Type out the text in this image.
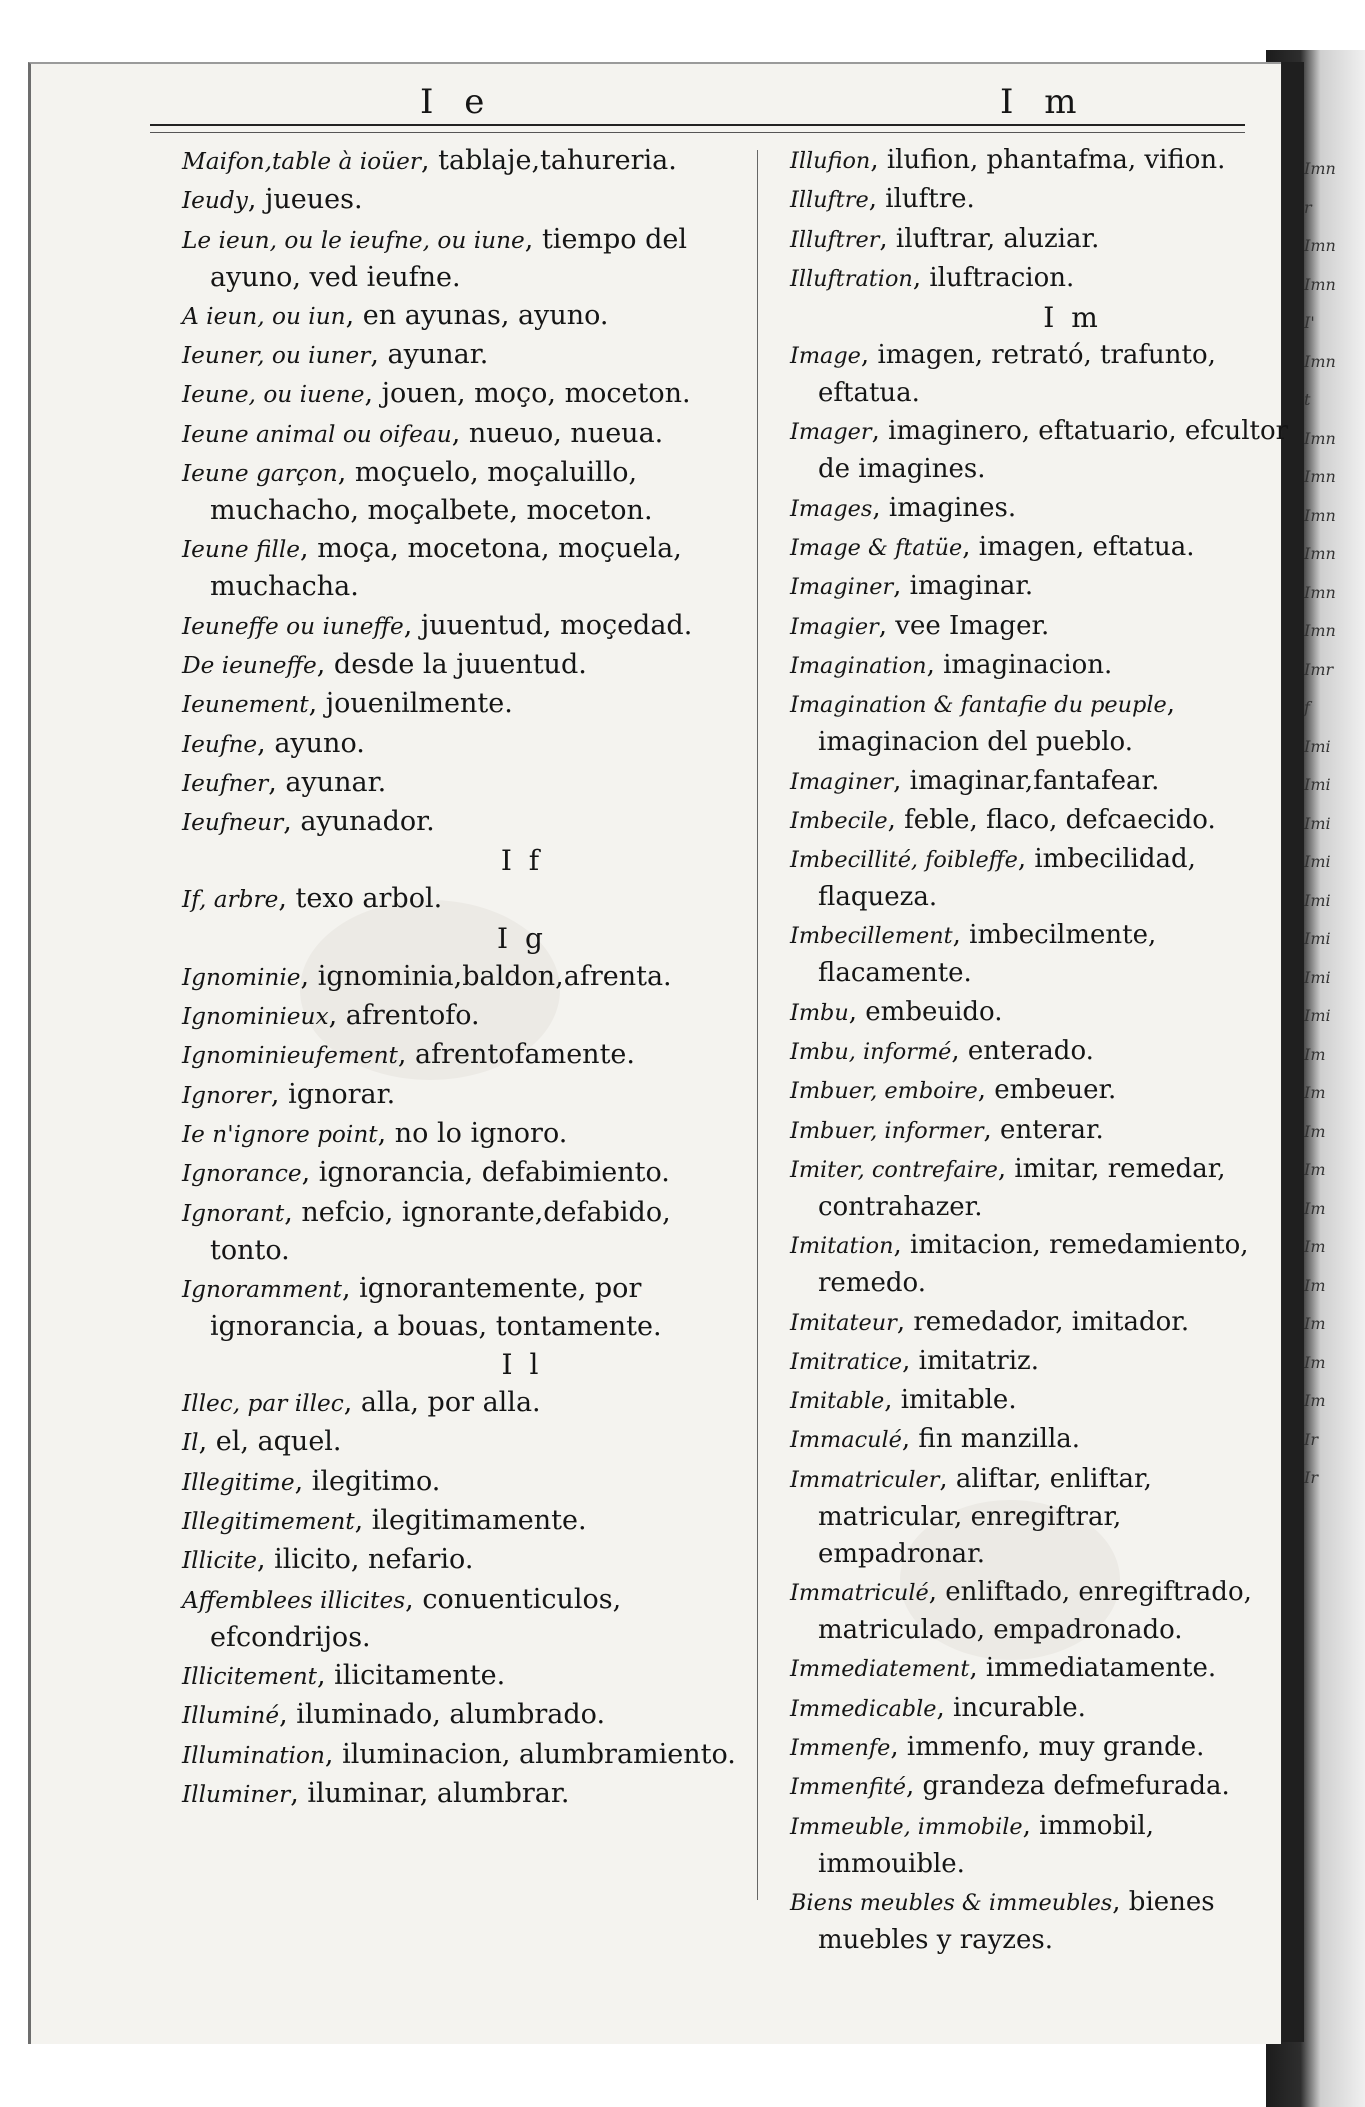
Imn
r
Imn
Imn
I'
Imn
t
Imn
Imn
Imn
Imn
Imn
Imn
Imr
f
Imi
Imi
Imi
Imi
Imi
Imi
Imi
Imi
Im
Im
Im
Im
Im
Im
Im
Im
Im
Im
Ir
Ir
I e	I m
Maifon,table à ioüer, tablaje,tahureria.
Ieudy, jueues.
Le ieun, ou le ieufne, ou iune, tiempo del ayuno, ved ieufne.
A ieun, ou iun, en ayunas, ayuno.
Ieuner, ou iuner, ayunar.
Ieune, ou iuene, jouen, moço, moceton.
Ieune animal ou oifeau, nueuo, nueua.
Ieune garçon, moçuelo, moçaluillo, muchacho, moçalbete, moceton.
Ieune fille, moça, mocetona, moçuela, muchacha.
Ieuneffe ou iuneffe, juuentud, moçedad.
De ieuneffe, desde la juuentud.
Ieunement, jouenilmente.
Ieufne, ayuno.
Ieufner, ayunar.
Ieufneur, ayunador.
I f
If, arbre, texo arbol.
I g
Ignominie, ignominia,baldon,afrenta.
Ignominieux, afrentofo.
Ignominieufement, afrentofamente.
Ignorer, ignorar.
Ie n'ignore point, no lo ignoro.
Ignorance, ignorancia, defabimiento.
Ignorant, nefcio, ignorante,defabido, tonto.
Ignoramment, ignorantemente, por ignorancia, a bouas, tontamente.
I l
Illec, par illec, alla, por alla.
Il, el, aquel.
Illegitime, ilegitimo.
Illegitimement, ilegitimamente.
Illicite, ilicito, nefario.
Affemblees illicites, conuenticulos, efcondrijos.
Illicitement, ilicitamente.
Illuminé, iluminado, alumbrado.
Illumination, iluminacion, alumbramiento.
Illuminer, iluminar, alumbrar.
Illufion, ilufion, phantafma, vifion.
Illuftre, iluftre.
Illuftrer, iluftrar, aluziar.
Illuftration, iluftracion.
I m
Image, imagen, retrató, trafunto, eftatua.
Imager, imaginero, eftatuario, efcultor de imagines.
Images, imagines.
Image & ftatüe, imagen, eftatua.
Imaginer, imaginar.
Imagier, vee Imager.
Imagination, imaginacion.
Imagination & fantafie du peuple, imaginacion del pueblo.
Imaginer, imaginar,fantafear.
Imbecile, feble, flaco, defcaecido.
Imbecillité, foibleffe, imbecilidad, flaqueza.
Imbecillement, imbecilmente, flacamente.
Imbu, embeuido.
Imbu, informé, enterado.
Imbuer, emboire, embeuer.
Imbuer, informer, enterar.
Imiter, contrefaire, imitar, remedar, contrahazer.
Imitation, imitacion, remedamiento, remedo.
Imitateur, remedador, imitador.
Imitratice, imitatriz.
Imitable, imitable.
Immaculé, fin manzilla.
Immatriculer, aliftar, enliftar, matricular, enregiftrar, empadronar.
Immatriculé, enliftado, enregiftrado, matriculado, empadronado.
Immediatement, immediatamente.
Immedicable, incurable.
Immenfe, immenfo, muy grande.
Immenfité, grandeza defmefurada.
Immeuble, immobile, immobil, immouible.
Biens meubles & immeubles, bienes muebles y rayzes.
